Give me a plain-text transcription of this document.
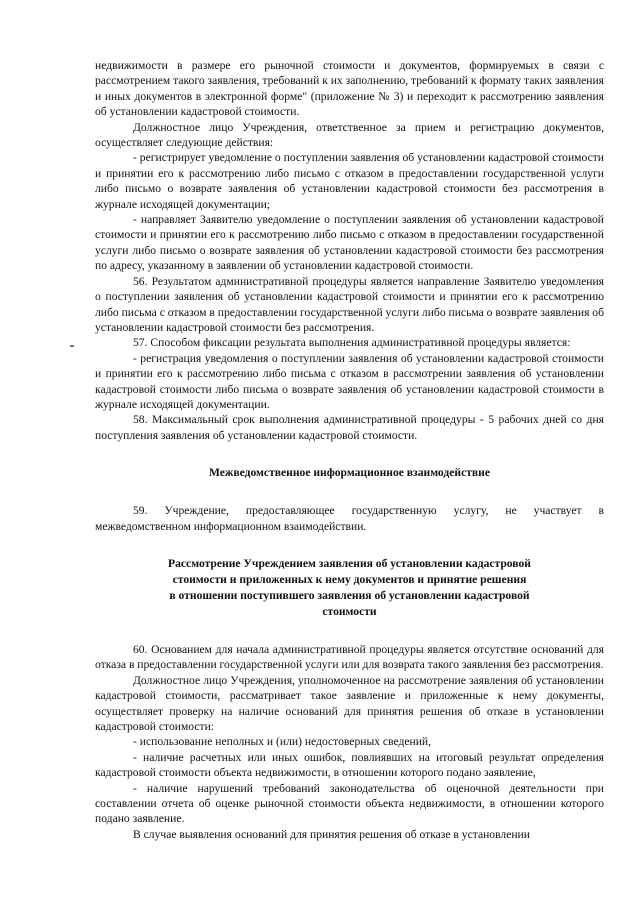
недвижимости в размере его рыночной стоимости и документов, формируемых в связи с рассмотрением такого заявления, требований к их заполнению, требований к формату таких заявления и иных документов в электронной форме" (приложение № 3) и переходит к рассмотрению заявления об установлении кадастровой стоимости.

Должностное лицо Учреждения, ответственное за прием и регистрацию документов, осуществляет следующие действия:

- регистрирует уведомление о поступлении заявления об установлении кадастровой стоимости и принятии его к рассмотрению либо письмо с отказом в предоставлении государственной услуги либо письмо о возврате заявления об установлении кадастровой стоимости без рассмотрения в журнале исходящей документации;

- направляет Заявителю уведомление о поступлении заявления об установлении кадастровой стоимости и принятии его к рассмотрению либо письмо с отказом в предоставлении государственной услуги либо письмо о возврате заявления об установлении кадастровой стоимости без рассмотрения по адресу, указанному в заявлении об установлении кадастровой стоимости.

56. Результатом административной процедуры является направление Заявителю уведомления о поступлении заявления об установлении кадастровой стоимости и принятии его к рассмотрению либо письма с отказом в предоставлении государственной услуги либо письма о возврате заявления об установлении кадастровой стоимости без рассмотрения.

57. Способом фиксации результата выполнения административной процедуры является:

- регистрация уведомления о поступлении заявления об установлении кадастровой стоимости и принятии его к рассмотрению либо письма с отказом в рассмотрении заявления об установлении кадастровой стоимости либо письма о возврате заявления об установлении кадастровой стоимости в журнале исходящей документации.

58. Максимальный срок выполнения административной процедуры - 5 рабочих дней со дня поступления заявления об установлении кадастровой стоимости.

Межведомственное информационное взаимодействие

59. Учреждение, предоставляющее государственную услугу, не участвует в межведомственном информационном взаимодействии.

Рассмотрение Учреждением заявления об установлении кадастровой

стоимости и приложенных к нему документов и принятие решения

в отношении поступившего заявления об установлении кадастровой

стоимости

60. Основанием для начала административной процедуры является отсутствие оснований для отказа в предоставлении государственной услуги или для возврата такого заявления без рассмотрения.

Должностное лицо Учреждения, уполномоченное на рассмотрение заявления об установлении кадастровой стоимости, рассматривает такое заявление и приложенные к нему документы, осуществляет проверку на наличие оснований для принятия решения об отказе в установлении кадастровой стоимости:

- использование неполных и (или) недостоверных сведений,

- наличие расчетных или иных ошибок, повлиявших на итоговый результат определения кадастровой стоимости объекта недвижимости, в отношении которого подано заявление,

- наличие нарушений требований законодательства об оценочной деятельности при составлении отчета об оценке рыночной стоимости объекта недвижимости, в отношении которого подано заявление.

В случае выявления оснований для принятия решения об отказе в установлении
